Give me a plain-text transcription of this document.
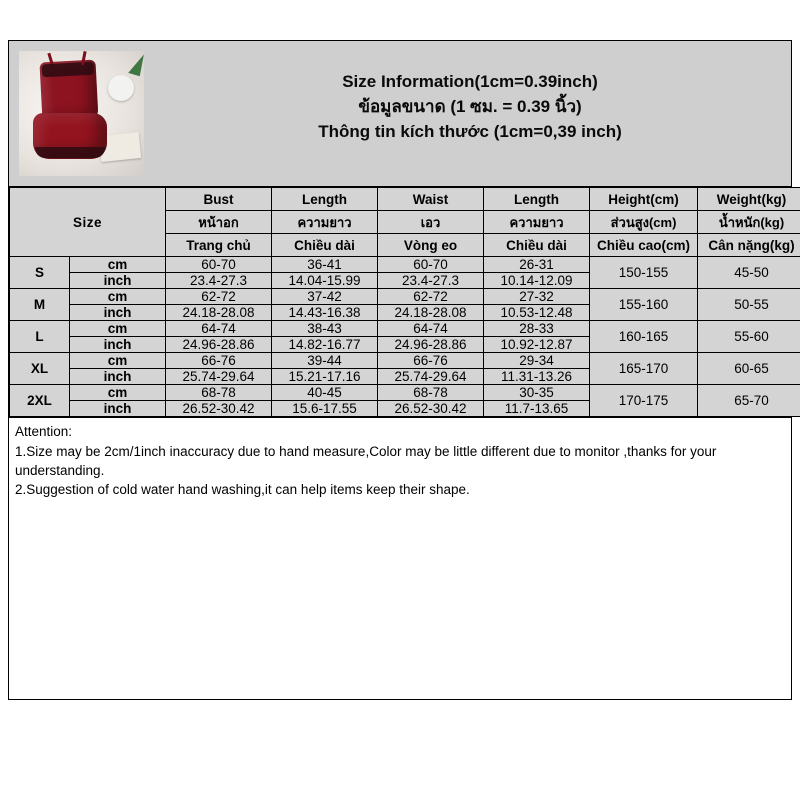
Size Information(1cm=0.39inch)
ข้อมูลขนาด (1 ซม. = 0.39 นิ้ว)
Thông tin kích thước (1cm=0,39 inch)
Size		Bust	Length	Waist	Length	Height(cm)	Weight(kg)
		หน้าอก	ความยาว	เอว	ความยาว	ส่วนสูง(cm)	น้ำหนัก(kg)
		Trang chủ	Chiều dài	Vòng eo	Chiều dài	Chiều cao(cm)	Cân nặng(kg)
S	cm	60-70	36-41	60-70	26-31	150-155	45-50
	inch	23.4-27.3	14.04-15.99	23.4-27.3	10.14-12.09		
M	cm	62-72	37-42	62-72	27-32	155-160	50-55
	inch	24.18-28.08	14.43-16.38	24.18-28.08	10.53-12.48		
L	cm	64-74	38-43	64-74	28-33	160-165	55-60
	inch	24.96-28.86	14.82-16.77	24.96-28.86	10.92-12.87		
XL	cm	66-76	39-44	66-76	29-34	165-170	60-65
	inch	25.74-29.64	15.21-17.16	25.74-29.64	11.31-13.26		
2XL	cm	68-78	40-45	68-78	30-35	170-175	65-70
	inch	26.52-30.42	15.6-17.55	26.52-30.42	11.7-13.65		

Attention:

1.Size may be 2cm/1inch inaccuracy due to hand measure,Color may be little different due to monitor ,thanks for your understanding.

2.Suggestion of cold water hand washing,it can help items keep their shape.
